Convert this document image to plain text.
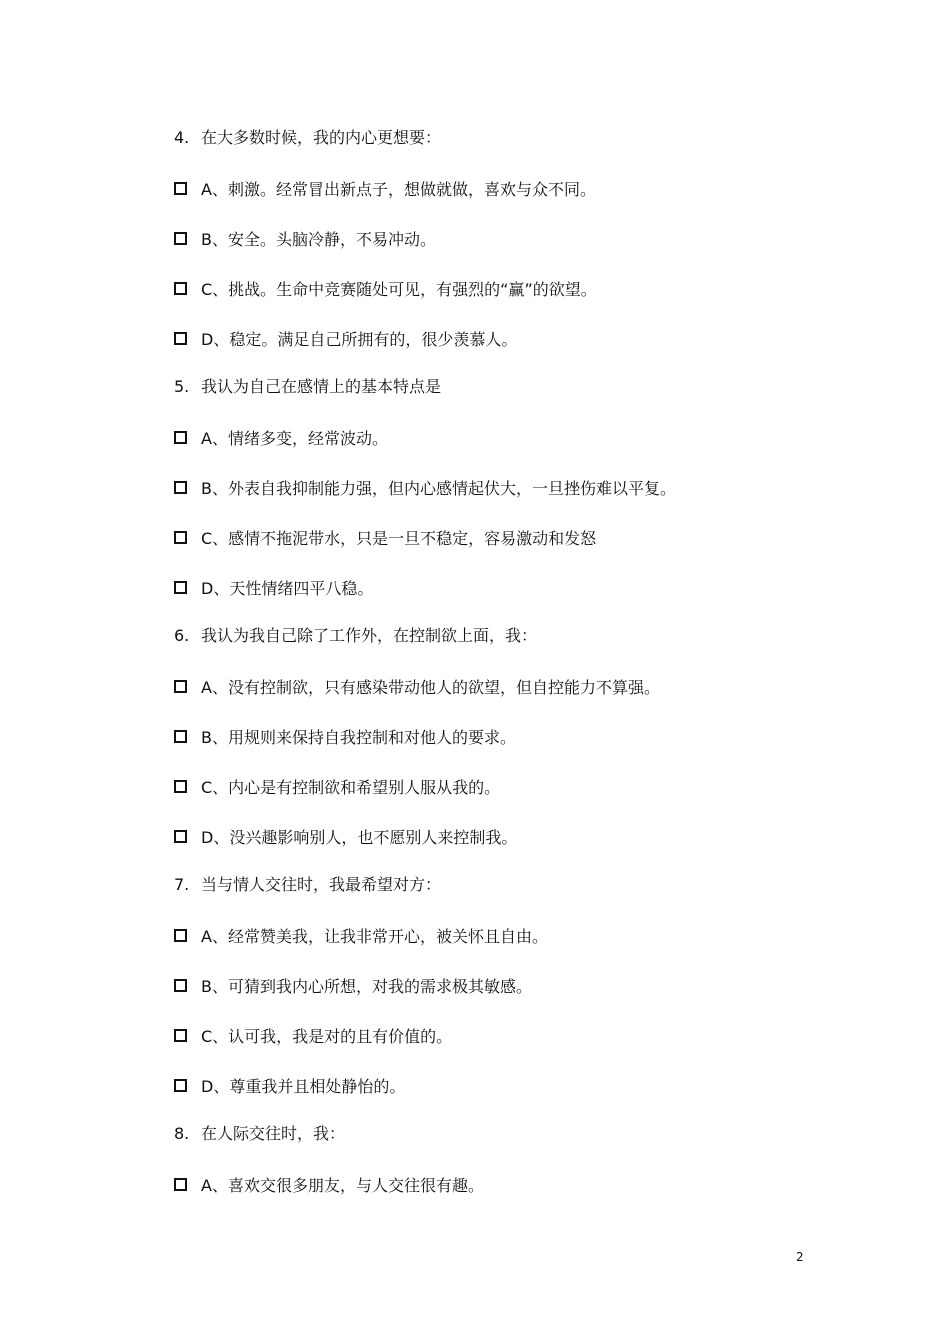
4. 在大多数时候，我的内心更想要：
A、刺激。经常冒出新点子，想做就做，喜欢与众不同。
B、安全。头脑冷静，不易冲动。
C、挑战。生命中竞赛随处可见，有强烈的“赢”的欲望。
D、稳定。满足自己所拥有的，很少羡慕人。
5. 我认为自己在感情上的基本特点是
A、情绪多变，经常波动。
B、外表自我抑制能力强，但内心感情起伏大，一旦挫伤难以平复。
C、感情不拖泥带水，只是一旦不稳定，容易激动和发怒
D、天性情绪四平八稳。
6. 我认为我自己除了工作外，在控制欲上面，我：
A、没有控制欲，只有感染带动他人的欲望，但自控能力不算强。
B、用规则来保持自我控制和对他人的要求。
C、内心是有控制欲和希望别人服从我的。
D、没兴趣影响别人，也不愿别人来控制我。
7. 当与情人交往时，我最希望对方：
A、经常赞美我，让我非常开心，被关怀且自由。
B、可猜到我内心所想，对我的需求极其敏感。
C、认可我，我是对的且有价值的。
D、尊重我并且相处静怡的。
8. 在人际交往时，我：
A、喜欢交很多朋友，与人交往很有趣。
2
